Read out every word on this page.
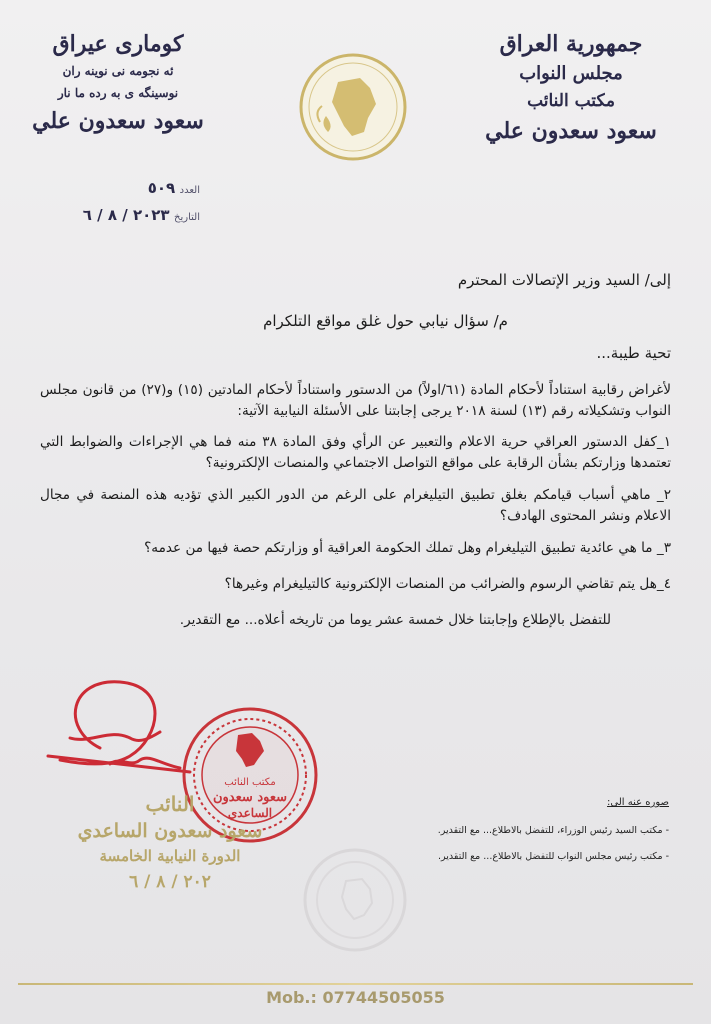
جمهورية العراق
مجلس النواب
مكتب النائب
سعود سعدون علي
كوماری عيراق
ئه نجومه نی نوینه ران
نوسینگه ی به رده ما نار
سعود سعدون علي
العدد ٥٠٩
التاريخ ٢٠٢٣ / ٨ / ٦
إلى/ السيد وزير الإتصالات المحترم
م/ سؤال نيابي حول غلق مواقع التلكرام
تحية طيبة...
لأغراض رقابية استناداً لأحكام المادة (٦١/اولاً) من الدستور واستناداً لأحكام المادتين (١٥) و(٢٧) من قانون مجلس النواب وتشكيلاته رقم (١٣) لسنة ٢٠١٨ يرجى إجابتنا على الأسئلة النيابية الآتية:
١_كفل الدستور العراقي حرية الاعلام والتعبير عن الرأي وفق المادة ٣٨ منه فما هي الإجراءات والضوابط التي تعتمدها وزارتكم بشأن الرقابة على مواقع التواصل الاجتماعي والمنصات الإلكترونية؟
٢_ ماهي أسباب قيامكم بغلق تطبيق التيليغرام على الرغم من الدور الكبير الذي تؤديه هذه المنصة في مجال الاعلام ونشر المحتوى الهادف؟
٣_ ما هي عائدية تطبيق التيليغرام وهل تملك الحكومة العراقية أو وزارتكم حصة فيها من عدمه؟
٤_هل يتم تقاضي الرسوم والضرائب من المنصات الإلكترونية كالتيليغرام وغيرها؟
للتفضل بالإطلاع وإجابتنا خلال خمسة عشر يوما من تاريخه أعلاه... مع التقدير.
مكتب النائب
سعود سعدون
الساعدي
النائب
سعود سعدون الساعدي
الدورة النيابية الخامسة
٢٠٢ / ٨ / ٦
صوره عنه الى:
- مكتب السيد رئيس الوزراء، للتفضل بالاطلاع... مع التقدير.
- مكتب رئيس مجلس النواب للتفضل بالاطلاع... مع التقدير.
Mob.: 07744505055
